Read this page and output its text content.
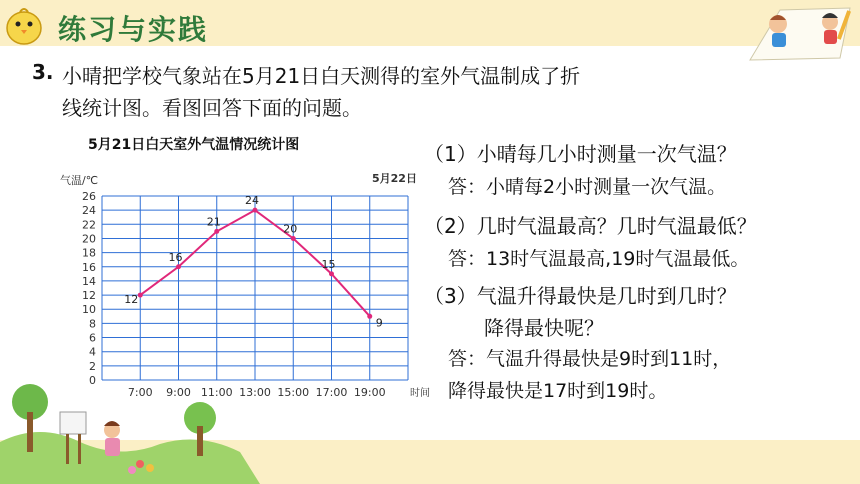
练习与实践
3. 小晴把学校气象站在5月21日白天测得的室外气温制成了折
线统计图。看图回答下面的问题。
5月21日白天室外气温情况统计图
0
2
4
6
8
10
12
14
16
18
20
22
24
26
气温/℃	5月22日
7:00 9:00 11:00 13:00 15:00 17:00 19:00 时间
12
16
21
24
20
15
9
（1）小晴每几小时测量一次气温？
答：小晴每2小时测量一次气温。
（2）几时气温最高？几时气温最低？
答：13时气温最高,19时气温最低。
（3）气温升得最快是几时到几时？
降得最快呢？
答：气温升得最快是9时到11时，
降得最快是17时到19时。
